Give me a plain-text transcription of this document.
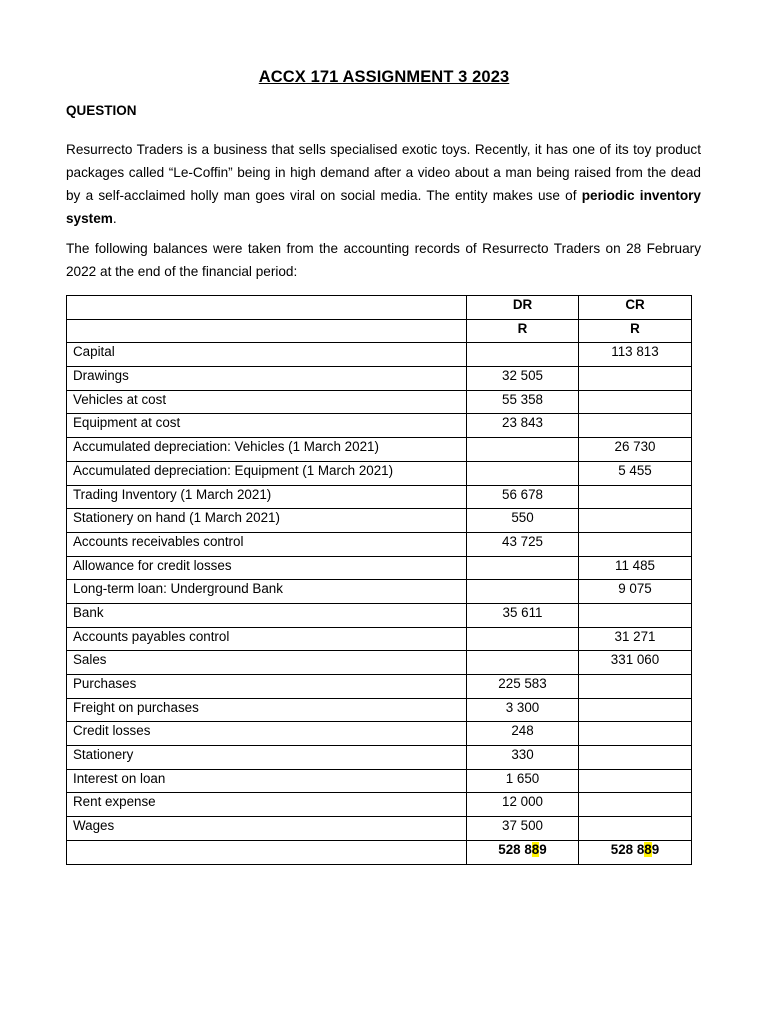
ACCX 171 ASSIGNMENT 3 2023
QUESTION
Resurrecto Traders is a business that sells specialised exotic toys. Recently, it has one of its toy product packages called “Le-Coffin” being in high demand after a video about a man being raised from the dead by a self-acclaimed holly man goes viral on social media. The entity makes use of periodic inventory system.
The following balances were taken from the accounting records of Resurrecto Traders on 28 February 2022 at the end of the financial period:
	DR	CR
	R	R
Capital		113 813
Drawings	32 505	
Vehicles at cost	55 358	
Equipment at cost	23 843	
Accumulated depreciation: Vehicles (1 March 2021)		26 730
Accumulated depreciation: Equipment (1 March 2021)		5 455
Trading Inventory (1 March 2021)	56 678	
Stationery on hand (1 March 2021)	550	
Accounts receivables control	43 725	
Allowance for credit losses		11 485
Long-term loan: Underground Bank		9 075
Bank	35 611	
Accounts payables control		31 271
Sales		331 060
Purchases	225 583	
Freight on purchases	3 300	
Credit losses	248	
Stationery	330	
Interest on loan	1 650	
Rent expense	12 000	
Wages	37 500	
	528 889	528 889
